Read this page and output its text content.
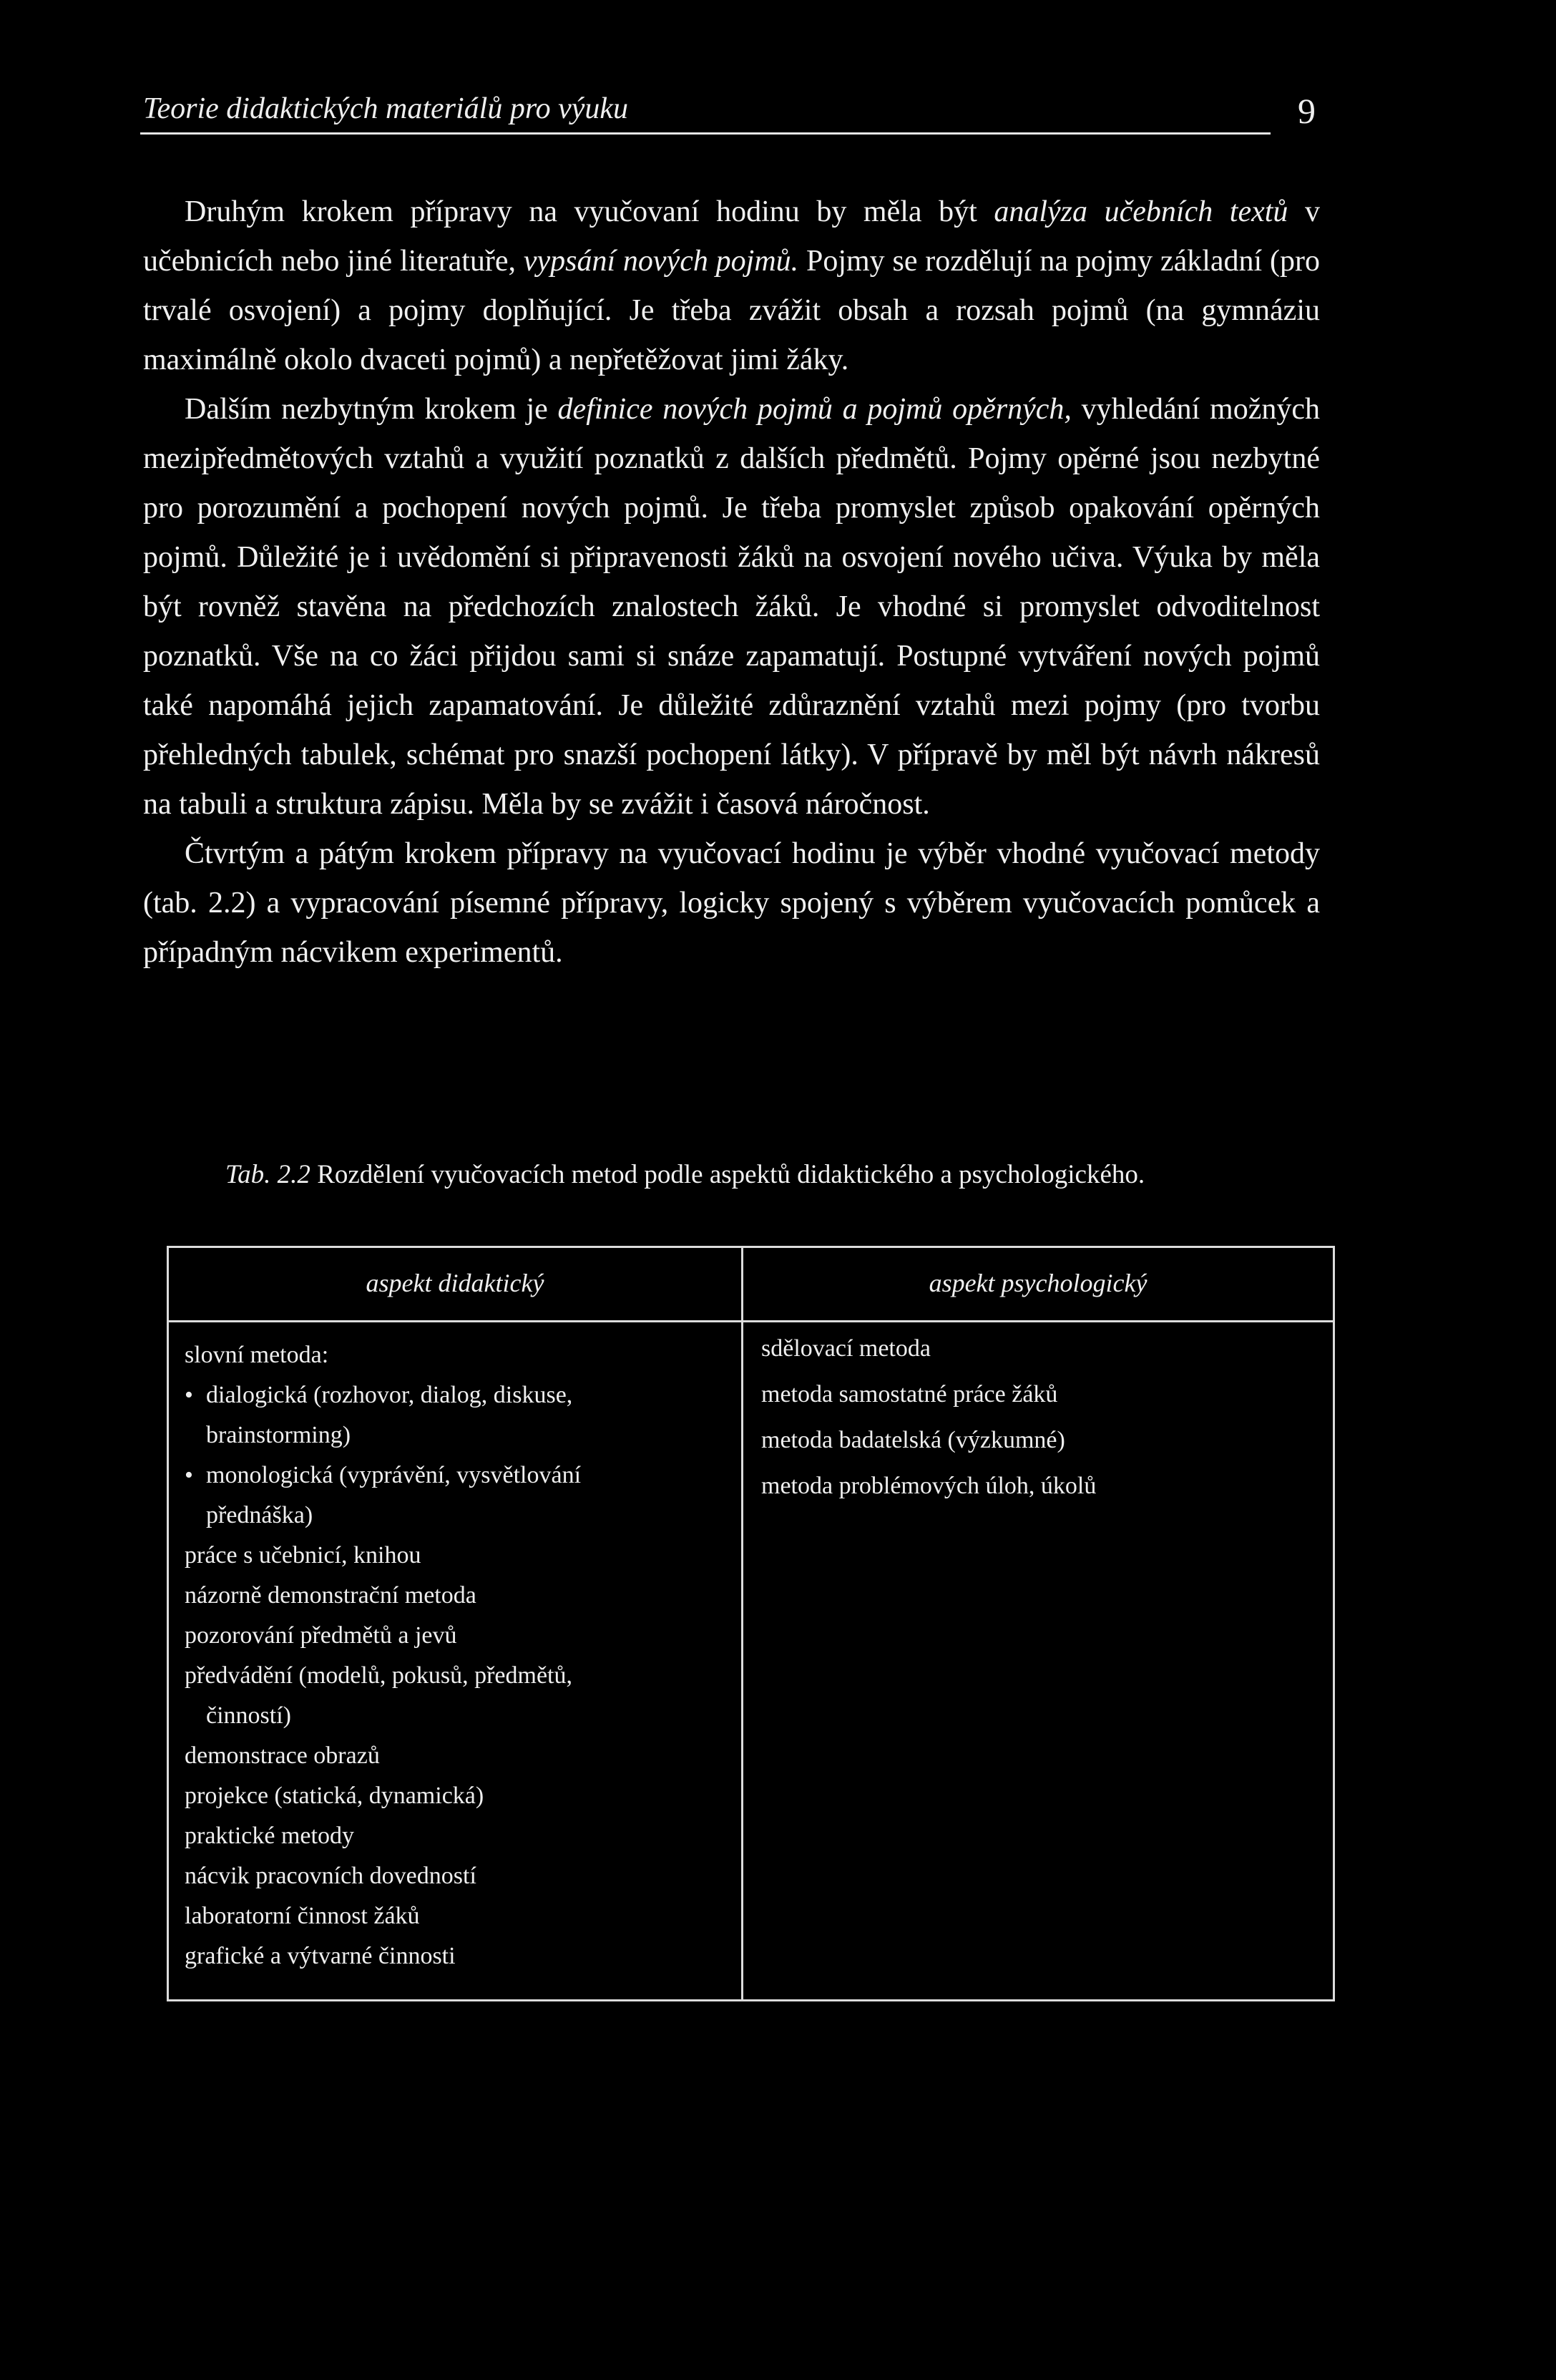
Teorie didaktických materiálů pro výuku	9

Druhým krokem přípravy na vyučovaní hodinu by měla být analýza učebních textů v učebnicích nebo jiné literatuře, vypsání nových pojmů. Pojmy se rozdělují na pojmy základní (pro trvalé osvojení) a pojmy doplňující. Je třeba zvážit obsah a rozsah pojmů (na gymnáziu maximálně okolo dvaceti pojmů) a nepřetěžovat jimi žáky.

Dalším nezbytným krokem je definice nových pojmů a pojmů opěrných, vyhledání možných mezipředmětových vztahů a využití poznatků z dalších předmětů. Pojmy opěrné jsou nezbytné pro porozumění a pochopení nových pojmů. Je třeba promyslet způsob opakování opěrných pojmů. Důležité je i uvědomění si připravenosti žáků na osvojení nového učiva. Výuka by měla být rovněž stavěna na předchozích znalostech žáků. Je vhodné si promyslet odvoditelnost poznatků. Vše na co žáci přijdou sami si snáze zapamatují. Postupné vytváření nových pojmů také napomáhá jejich zapamatování. Je důležité zdůraznění vztahů mezi pojmy (pro tvorbu přehledných tabulek, schémat pro snazší pochopení látky). V přípravě by měl být návrh nákresů na tabuli a struktura zápisu. Měla by se zvážit i časová náročnost.

Čtvrtým a pátým krokem přípravy na vyučovací hodinu je výběr vhodné vyučovací metody (tab. 2.2) a vypracování písemné přípravy, logicky spojený s výběrem vyučovacích pomůcek a případným nácvikem experimentů.

Tab. 2.2 Rozdělení vyučovacích metod podle aspektů didaktického a psychologického.
aspekt didaktický	aspekt psychologický
slovní metoda:
• dialogická (rozhovor, dialog, diskuse,
brainstorming)
• monologická (vyprávění, vysvětlování
přednáška)
práce s učebnicí, knihou
názorně demonstrační metoda
pozorování předmětů a jevů
předvádění (modelů, pokusů, předmětů,
činností)
demonstrace obrazů
projekce (statická, dynamická)
praktické metody
nácvik pracovních dovedností
laboratorní činnost žáků
grafické a výtvarné činnosti
sdělovací metoda
metoda samostatné práce žáků
metoda badatelská (výzkumné)
metoda problémových úloh, úkolů
